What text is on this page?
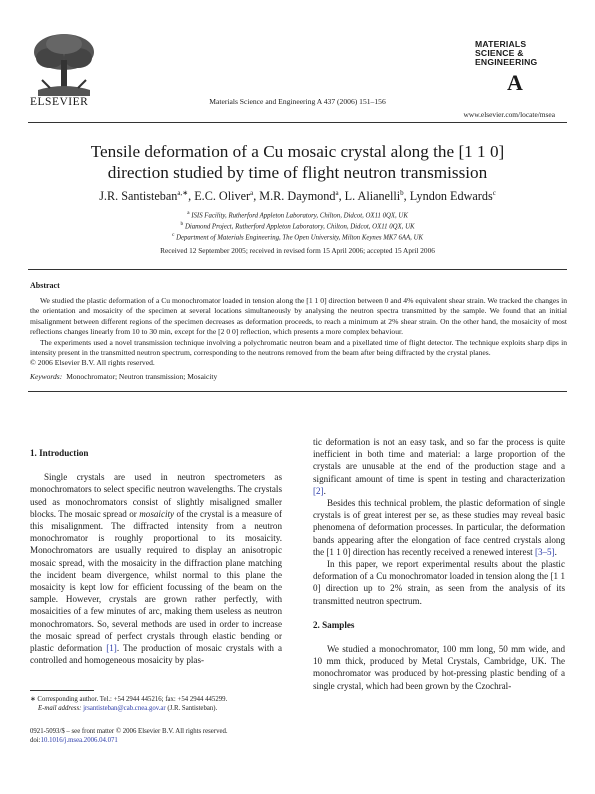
ELSEVIER	Materials Science and Engineering A 437 (2006) 151–156
MATERIALS
SCIENCE &
ENGINEERING
A
www.elsevier.com/locate/msea
Tensile deformation of a Cu mosaic crystal along the [1 1 0]
direction studied by time of flight neutron transmission
J.R. Santisteban$^{a,∗}$, E.C. Oliver$^a$, M.R. Daymond$^a$, L. Alianelli$^b$, Lyndon Edwards$^c$
$^a$ ISIS Facility, Rutherford Appleton Laboratory, Chilton, Didcot, OX11 0QX, UK
$^b$ Diamond Project, Rutherford Appleton Laboratory, Chilton, Didcot, OX11 0QX, UK
$^c$ Department of Materials Engineering, The Open University, Milton Keynes MK7 6AA, UK
Received 12 September 2005; received in revised form 15 April 2006; accepted 15 April 2006
Abstract

We studied the plastic deformation of a Cu monochromator loaded in tension along the [1 1 0] direction between 0 and 4% equivalent shear strain. We tracked the changes in the orientation and mosaicity of the specimen at several locations simultaneously by analysing the neutron spectra transmitted by the sample. We found that an initial misalignment between different regions of the specimen decreases as deformation proceeds, to reach a minimum at 2% shear strain. On the other hand, the mosaicity of most reflections changes linearly from 10 to 30 min, except for the [2 0 0] reflection, which presents a more complex behaviour.

The experiments used a novel transmission technique involving a polychromatic neutron beam and a pixellated time of flight detector. The technique exploits sharp dips in intensity present in the transmitted neutron spectrum, corresponding to the neutrons removed from the beam after being diffracted by the crystal planes.

© 2006 Elsevier B.V. All rights reserved.

Keywords: Monochromator; Neutron transmission; Mosaicity
1. Introduction

Single crystals are used in neutron spectrometers as monochromators to select specific neutron wavelengths. The crystals used as monochromators consist of slightly misaligned smaller blocks. The mosaic spread or mosaicity of the crystal is a measure of this misalignment. The diffracted intensity from a neutron monochromator is roughly proportional to its mosaicity. Monochromators are usually required to display an anisotropic mosaic spread, with the mosaicity in the diffraction plane matching the incident beam divergence, whilst normal to this plane the mosaicity is kept low for efficient focussing of the beam on the sample. However, crystals are grown rather perfectly, with mosaicities of a few minutes of arc, making them useless as neutron monochromators. So, several methods are used in order to increase the mosaic spread of perfect crystals through elastic bending or plastic deformation [1]. The production of mosaic crystals with a controlled and homogeneous mosaicity by plas-

tic deformation is not an easy task, and so far the process is quite inefficient in both time and material: a large proportion of the crystals are unusable at the end of the production stage and a significant amount of time is spent in testing and characterization [2].

Besides this technical problem, the plastic deformation of single crystals is of great interest per se, as these studies may reveal basic phenomena of deformation processes. In particular, the deformation bands appearing after the elongation of face centred crystals along the [1 1 0] direction has recently received a renewed interest [3–5].

In this paper, we report experimental results about the plastic deformation of a Cu monochromator loaded in tension along the [1 1 0] direction up to 2% strain, as seen from the analysis of its transmitted neutron spectrum.

2. Samples

We studied a monochromator, 100 mm long, 50 mm wide, and 10 mm thick, produced by Metal Crystals, Cambridge, UK. The monochromator was produced by hot-pressing plastic bending of a single crystal, which had been grown by the Czochral-

∗ Corresponding author. Tel.: +54 2944 445216; fax: +54 2944 445299.
E-mail address: jrsantisteban@cab.cnea.gov.ar (J.R. Santisteban).
0921-5093/$ – see front matter © 2006 Elsevier B.V. All rights reserved.
doi:10.1016/j.msea.2006.04.071
